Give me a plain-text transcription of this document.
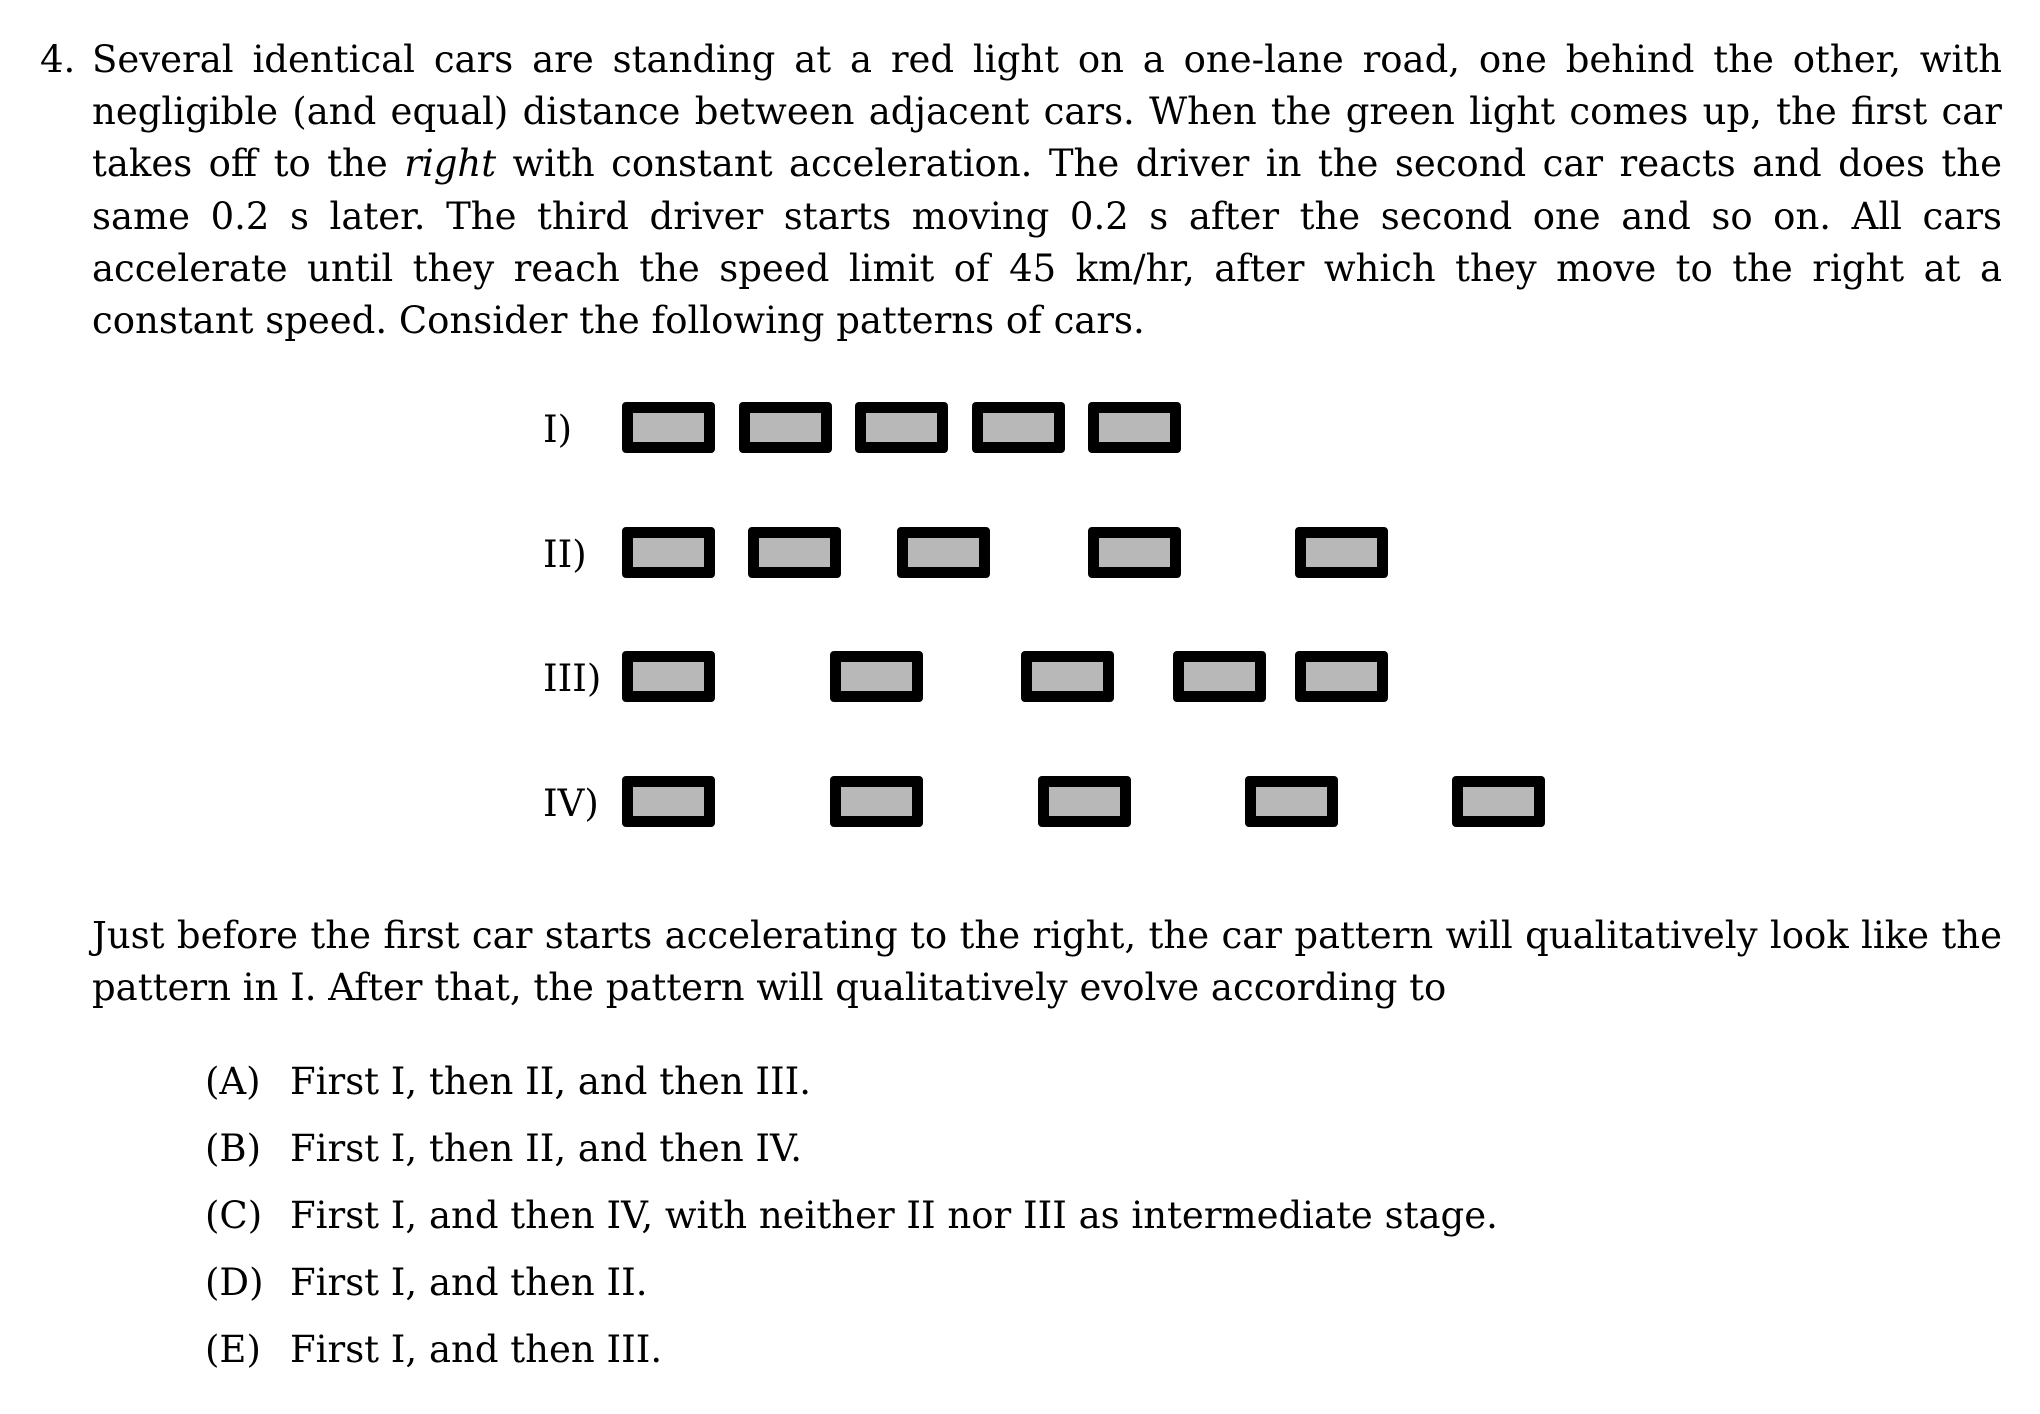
4. Several identical cars are standing at a red light on a one-lane road, one behind the other, with negligible (and equal) distance between adjacent cars. When the green light comes up, the first car takes off to the right with constant acceleration. The driver in the second car reacts and does the same 0.2 s later. The third driver starts moving 0.2 s after the second one and so on. All cars accelerate until they reach the speed limit of 45 km/hr, after which they move to the right at a constant speed. Consider the following patterns of cars.
I)
II)
III)
IV)
Just before the first car starts accelerating to the right, the car pattern will qualitatively look like the pattern in I. After that, the pattern will qualitatively evolve according to
(A) First I, then II, and then III.
(B) First I, then II, and then IV.
(C) First I, and then IV, with neither II nor III as intermediate stage.
(D) First I, and then II.
(E) First I, and then III.
